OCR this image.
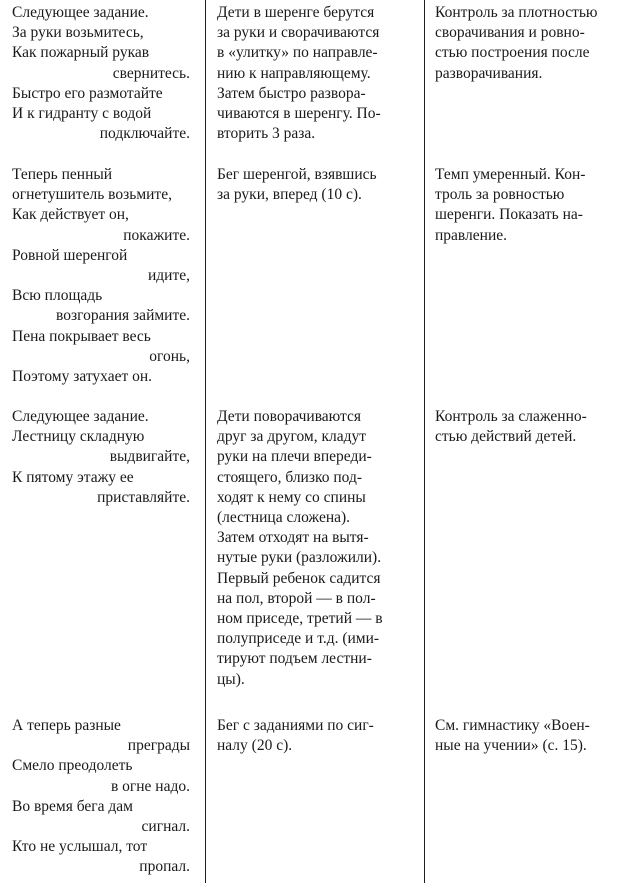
Следующее задание.
За руки возьмитесь,
Как пожарный рукав
свернитесь.
Быстро его размотайте
И к гидранту с водой
подключайте.
Дети в шеренге берутся
за руки и сворачиваются
в «улитку» по направле-
нию к направляющему.
Затем быстро развора-
чиваются в шеренгу. По-
вторить 3 раза.
Контроль за плотностью
сворачивания и ровно-
стью построения после
разворачивания.
Теперь пенный
огнетушитель возьмите,
Как действует он,
покажите.
Ровной шеренгой
идите,
Всю площадь
возгорания займите.
Пена покрывает весь
огонь,
Поэтому затухает он.
Бег шеренгой, взявшись
за руки, вперед (10 с).
Темп умеренный. Кон-
троль за ровностью
шеренги. Показать на-
правление.
Следующее задание.
Лестницу складную
выдвигайте,
К пятому этажу ее
приставляйте.
Дети поворачиваются
друг за другом, кладут
руки на плечи впереди-
стоящего, близко под-
ходят к нему со спины
(лестница сложена).
Затем отходят на вытя-
нутые руки (разложили).
Первый ребенок садится
на пол, второй — в пол-
ном приседе, третий — в
полуприседе и т.д. (ими-
тируют подъем лестни-
цы).
Контроль за слаженно-
стью действий детей.
А теперь разные
преграды
Смело преодолеть
в огне надо.
Во время бега дам
сигнал.
Кто не услышал, тот
пропал.
Бег с заданиями по сиг-
налу (20 с).
См. гимнастику «Воен-
ные на учении» (с. 15).
